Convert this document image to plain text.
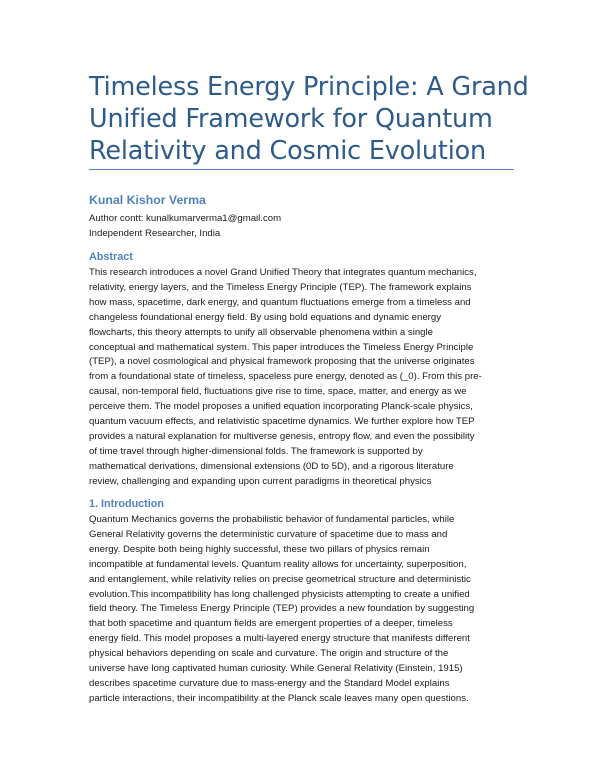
Timeless Energy Principle: A Grand
Unified Framework for Quantum
Relativity and Cosmic Evolution
Kunal Kishor Verma
Author contt: kunalkumarverma1@gmail.com
Independent Researcher, India
Abstract
This research introduces a novel Grand Unified Theory that integrates quantum mechanics,
relativity, energy layers, and the Timeless Energy Principle (TEP). The framework explains
how mass, spacetime, dark energy, and quantum fluctuations emerge from a timeless and
changeless foundational energy field. By using bold equations and dynamic energy
flowcharts, this theory attempts to unify all observable phenomena within a single
conceptual and mathematical system. This paper introduces the Timeless Energy Principle
(TEP), a novel cosmological and physical framework proposing that the universe originates
from a foundational state of timeless, spaceless pure energy, denoted as (_0). From this pre-
causal, non-temporal field, fluctuations give rise to time, space, matter, and energy as we
perceive them. The model proposes a unified equation incorporating Planck-scale physics,
quantum vacuum effects, and relativistic spacetime dynamics. We further explore how TEP
provides a natural explanation for multiverse genesis, entropy flow, and even the possibility
of time travel through higher-dimensional folds. The framework is supported by
mathematical derivations, dimensional extensions (0D to 5D), and a rigorous literature
review, challenging and expanding upon current paradigms in theoretical physics
1. Introduction
Quantum Mechanics governs the probabilistic behavior of fundamental particles, while
General Relativity governs the deterministic curvature of spacetime due to mass and
energy. Despite both being highly successful, these two pillars of physics remain
incompatible at fundamental levels. Quantum reality allows for uncertainty, superposition,
and entanglement, while relativity relies on precise geometrical structure and deterministic
evolution.This incompatibility has long challenged physicists attempting to create a unified
field theory. The Timeless Energy Principle (TEP) provides a new foundation by suggesting
that both spacetime and quantum fields are emergent properties of a deeper, timeless
energy field. This model proposes a multi-layered energy structure that manifests different
physical behaviors depending on scale and curvature. The origin and structure of the
universe have long captivated human curiosity. While General Relativity (Einstein, 1915)
describes spacetime curvature due to mass-energy and the Standard Model explains
particle interactions, their incompatibility at the Planck scale leaves many open questions.
